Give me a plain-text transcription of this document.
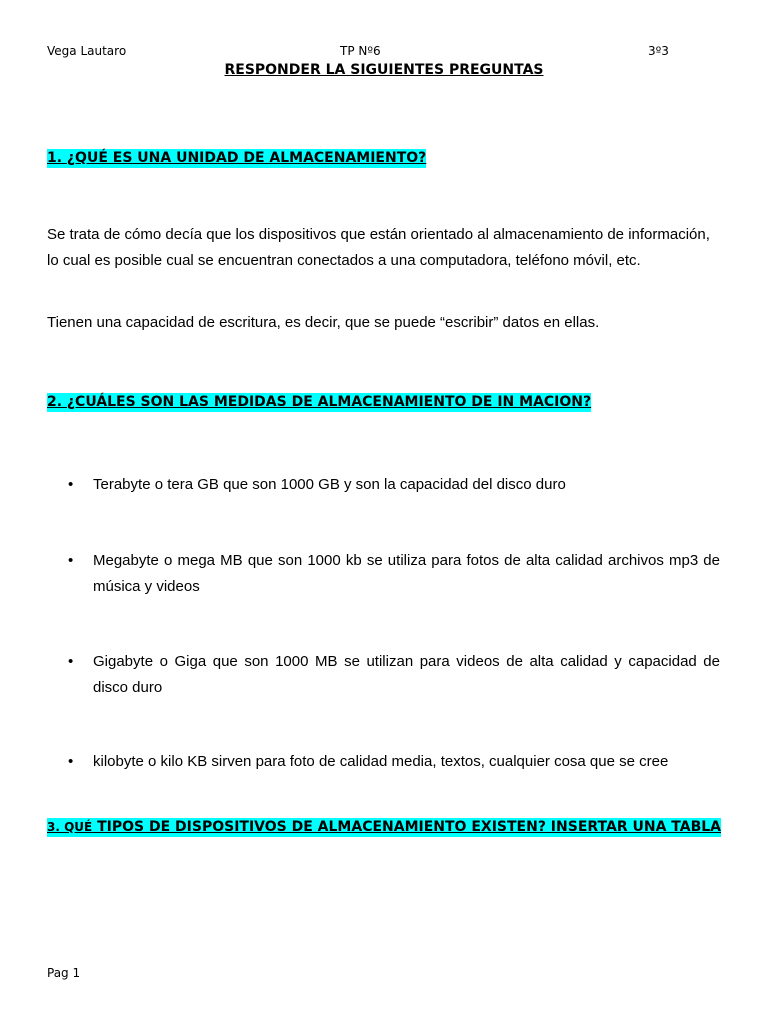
Vega Lautaro	TP Nº6	3º3
RESPONDER LA SIGUIENTES PREGUNTAS
1. ¿QUÉ ES UNA UNIDAD DE ALMACENAMIENTO?
Se trata de cómo decía que los dispositivos que están orientado al almacenamiento de información, lo cual es posible cual se encuentran conectados a una computadora, teléfono móvil, etc.
Tienen una capacidad de escritura, es decir, que se puede “escribir” datos en ellas.
2. ¿CUÁLES SON LAS MEDIDAS DE ALMACENAMIENTO DE IN MACION?
•	Terabyte o tera GB que son 1000 GB y son la capacidad del disco duro
•	Megabyte o mega MB que son 1000 kb se utiliza para fotos de alta calidad archivos mp3 de música y videos
•	Gigabyte o Giga que son 1000 MB se utilizan para videos de alta calidad y capacidad de disco duro
•	kilobyte o kilo KB sirven para foto de calidad media, textos, cualquier cosa que se cree
3. QUÉ TIPOS DE DISPOSITIVOS DE ALMACENAMIENTO EXISTEN? INSERTAR UNA TABLA
Pag 1
